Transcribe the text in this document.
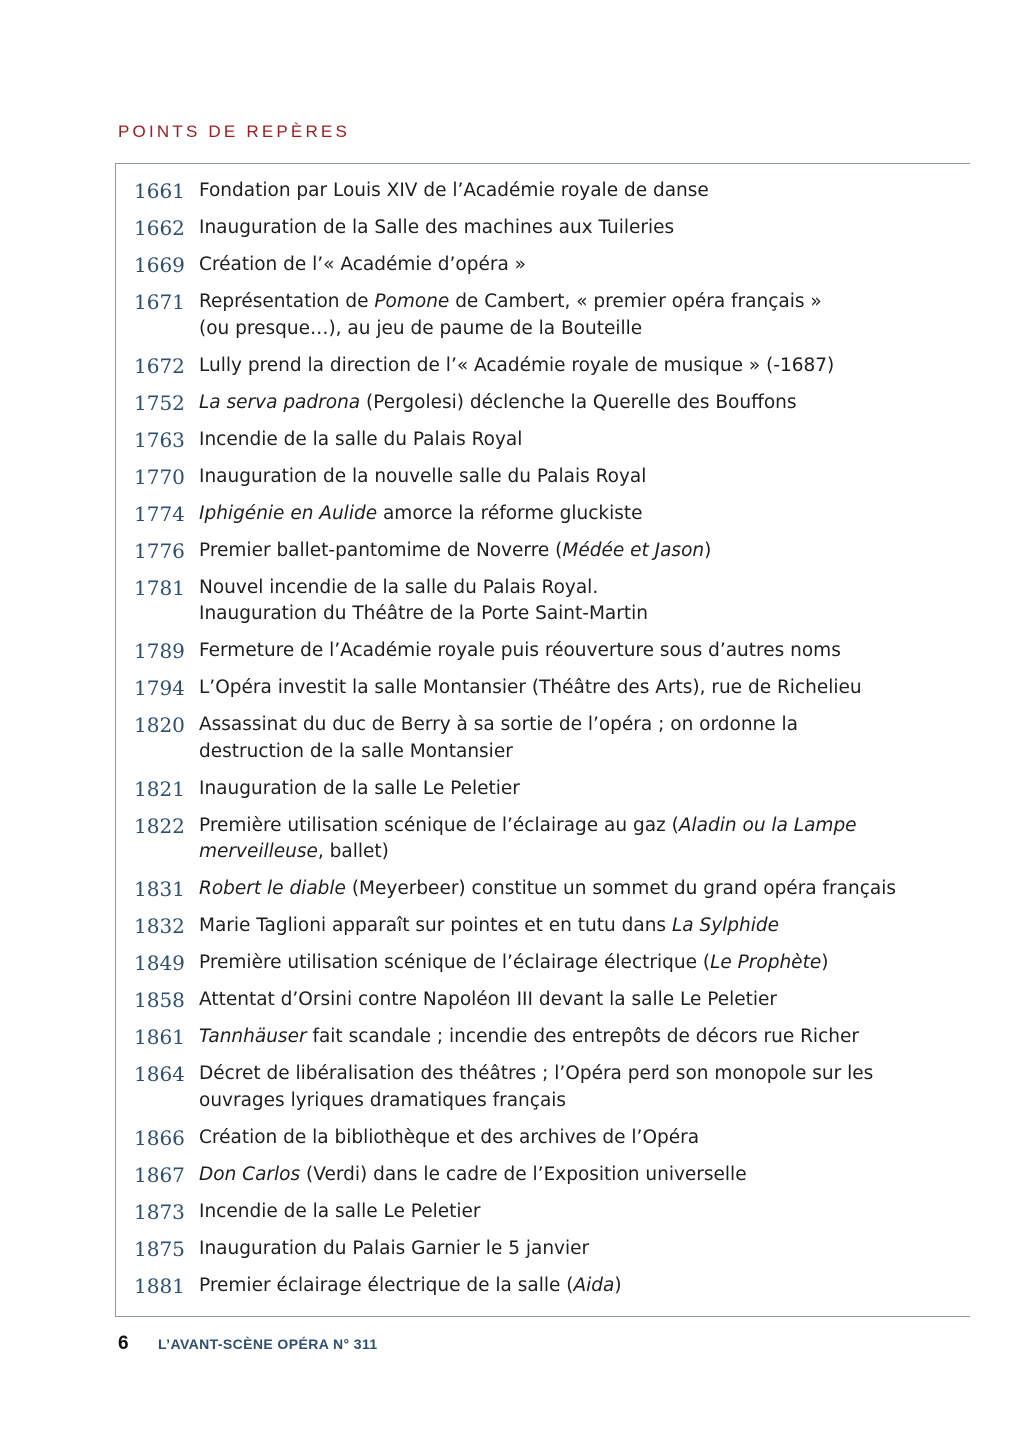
POINTS DE REPÈRES
1661 Fondation par Louis XIV de l’Académie royale de danse
1662 Inauguration de la Salle des machines aux Tuileries
1669 Création de l’« Académie d’opéra »
1671 Représentation de Pomone de Cambert, « premier opéra français »
(ou presque…), au jeu de paume de la Bouteille
1672 Lully prend la direction de l’« Académie royale de musique » (-1687)
1752 La serva padrona (Pergolesi) déclenche la Querelle des Bouffons
1763 Incendie de la salle du Palais Royal
1770 Inauguration de la nouvelle salle du Palais Royal
1774 Iphigénie en Aulide amorce la réforme gluckiste
1776 Premier ballet-pantomime de Noverre (Médée et Jason)
1781 Nouvel incendie de la salle du Palais Royal.
Inauguration du Théâtre de la Porte Saint-Martin
1789 Fermeture de l’Académie royale puis réouverture sous d’autres noms
1794 L’Opéra investit la salle Montansier (Théâtre des Arts), rue de Richelieu
1820 Assassinat du duc de Berry à sa sortie de l’opéra ; on ordonne la
destruction de la salle Montansier
1821 Inauguration de la salle Le Peletier
1822 Première utilisation scénique de l’éclairage au gaz (Aladin ou la Lampe
merveilleuse, ballet)
1831 Robert le diable (Meyerbeer) constitue un sommet du grand opéra français
1832 Marie Taglioni apparaît sur pointes et en tutu dans La Sylphide
1849 Première utilisation scénique de l’éclairage électrique (Le Prophète)
1858 Attentat d’Orsini contre Napoléon III devant la salle Le Peletier
1861 Tannhäuser fait scandale ; incendie des entrepôts de décors rue Richer
1864 Décret de libéralisation des théâtres ; l’Opéra perd son monopole sur les
ouvrages lyriques dramatiques français
1866 Création de la bibliothèque et des archives de l’Opéra
1867 Don Carlos (Verdi) dans le cadre de l’Exposition universelle
1873 Incendie de la salle Le Peletier
1875 Inauguration du Palais Garnier le 5 janvier
1881 Premier éclairage électrique de la salle (Aida)
6 L’AVANT-SCÈNE OPÉRA N° 311
